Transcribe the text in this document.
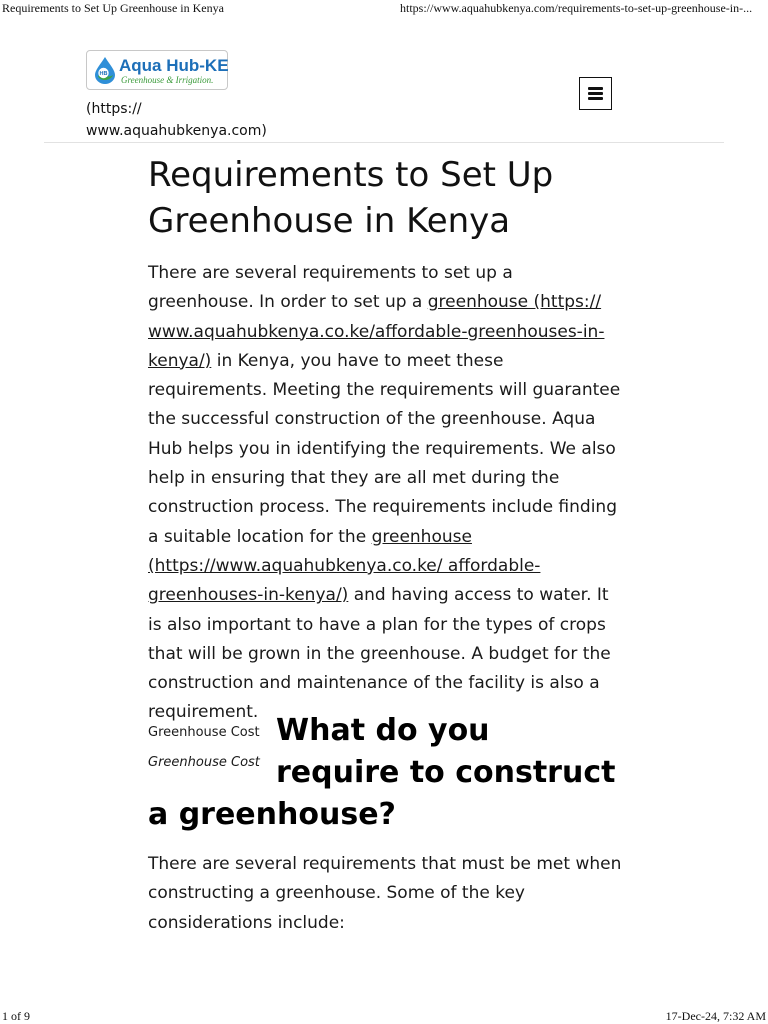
Requirements to Set Up Greenhouse in Kenya	https://www.aquahubkenya.com/requirements-to-set-up-greenhouse-in-...
HB Aqua Hub-KE
Greenhouse & Irrigation.
(https:// www.aquahubkenya.com)
Requirements to Set Up Greenhouse in Kenya

There are several requirements to set up a greenhouse. In order to set up a greenhouse (https:// www.aquahubkenya.co.ke/affordable-greenhouses-in-kenya/) in Kenya, you have to meet these requirements. Meeting the requirements will guarantee the successful construction of the greenhouse. Aqua Hub helps you in identifying the requirements. We also help in ensuring that they are all met during the construction process. The requirements include finding a suitable location for the greenhouse (https://www.aquahubkenya.co.ke/ affordable-greenhouses-in-kenya/) and having access to water. It is also important to have a plan for the types of crops that will be grown in the greenhouse. A budget for the construction and maintenance of the facility is also a requirement.

Greenhouse Cost
Greenhouse Cost
What do you require to construct a greenhouse?

There are several requirements that must be met when constructing a greenhouse. Some of the key considerations include:

1 of 9	17-Dec-24, 7:32 AM
